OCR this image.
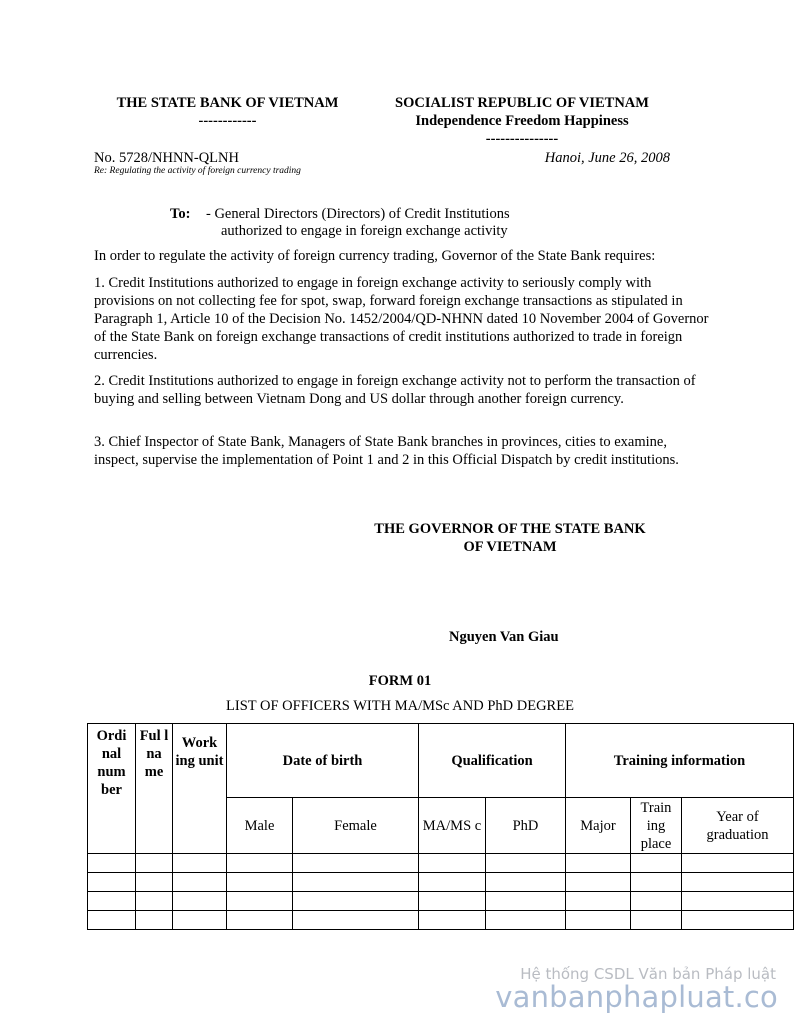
THE STATE BANK OF VIETNAM
------------
SOCIALIST REPUBLIC OF VIETNAM
Independence Freedom Happiness
---------------
No. 5728/NHNN-QLNH
Re: Regulating the activity of foreign currency trading
Hanoi, June 26, 2008
To: - General Directors (Directors) of Credit Institutions
authorized to engage in foreign exchange activity

In order to regulate the activity of foreign currency trading, Governor of the State Bank requires:

1. Credit Institutions authorized to engage in foreign exchange activity to seriously comply with provisions on not collecting fee for spot, swap, forward foreign exchange transactions as stipulated in Paragraph 1, Article 10 of the Decision No. 1452/2004/QD-NHNN dated 10 November 2004 of Governor of the State Bank on foreign exchange transactions of credit institutions authorized to trade in foreign currencies.

2. Credit Institutions authorized to engage in foreign exchange activity not to perform the transaction of buying and selling between Vietnam Dong and US dollar through another foreign currency.

3. Chief Inspector of State Bank, Managers of State Bank branches in provinces, cities to examine, inspect, supervise the implementation of Point 1 and 2 in this Official Dispatch by credit institutions.

THE GOVERNOR OF THE STATE BANK
OF VIETNAM
Nguyen Van Giau
FORM 01
LIST OF OFFICERS WITH MA/MSc AND PhD DEGREE
Ordi nal num ber	Ful l na me	Work ing unit	Date of birth		Qualification		Training information		
			Male	Female	MA/MS c	PhD	Major	Train ing place	Year of graduation

Hệ thống CSDL Văn bản Pháp luật
vanbanphapluat.co
